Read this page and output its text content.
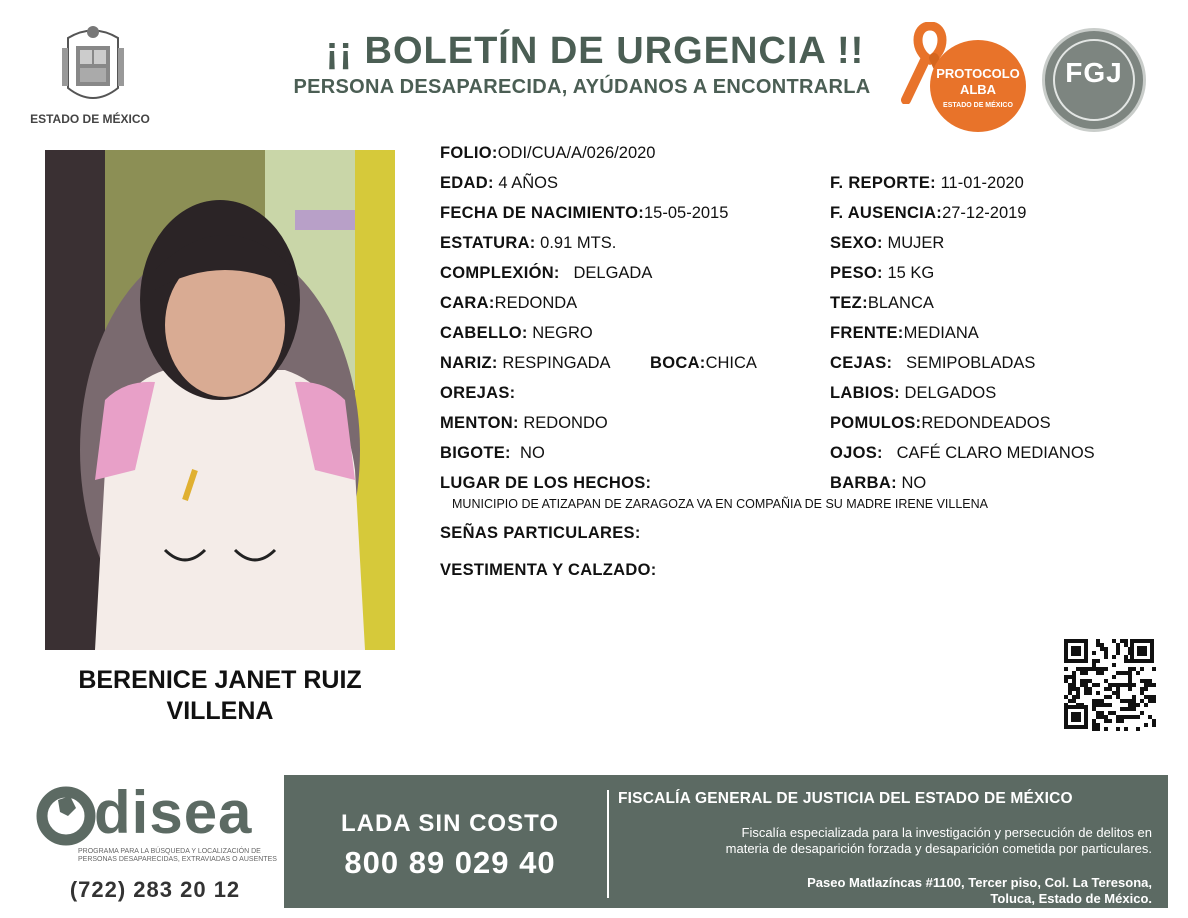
ESTADO DE MÉXICO
¡¡ BOLETÍN DE URGENCIA !!
PERSONA DESAPARECIDA, AYÚDANOS A ENCONTRARLA
PROTOCOLO
ALBA
ESTADO DE MÉXICO
FGJ
BERENICE JANET RUIZ
VILLENA
FOLIO:ODI/CUA/A/026/2020
EDAD: 4 AÑOS
FECHA DE NACIMIENTO:15-05-2015
ESTATURA: 0.91 MTS.
COMPLEXIÓN: DELGADA
CARA:REDONDA
CABELLO: NEGRO
NARIZ: RESPINGADA BOCA:CHICA
OREJAS:
MENTON: REDONDO
BIGOTE: NO
LUGAR DE LOS HECHOS:
MUNICIPIO DE ATIZAPAN DE ZARAGOZA VA EN COMPAÑIA DE SU MADRE IRENE VILLENA
SEÑAS PARTICULARES:
VESTIMENTA Y CALZADO:
F. REPORTE: 11-01-2020
F. AUSENCIA:27-12-2019
SEXO: MUJER
PESO: 15 KG
TEZ:BLANCA
FRENTE:MEDIANA
CEJAS: SEMIPOBLADAS
LABIOS: DELGADOS
POMULOS:REDONDEADOS
OJOS: CAFÉ CLARO MEDIANOS
BARBA: NO
disea
PROGRAMA PARA LA BÚSQUEDA Y LOCALIZACIÓN DE PERSONAS DESAPARECIDAS, EXTRAVIADAS O AUSENTES
(722) 283 20 12
LADA SIN COSTO
800 89 029 40
FISCALÍA GENERAL DE JUSTICIA DEL ESTADO DE MÉXICO
Fiscalía especializada para la investigación y persecución de delitos en
materia de desaparición forzada y desaparición cometida por particulares.
Paseo Matlazíncas #1100, Tercer piso, Col. La Teresona,
Toluca, Estado de México.
